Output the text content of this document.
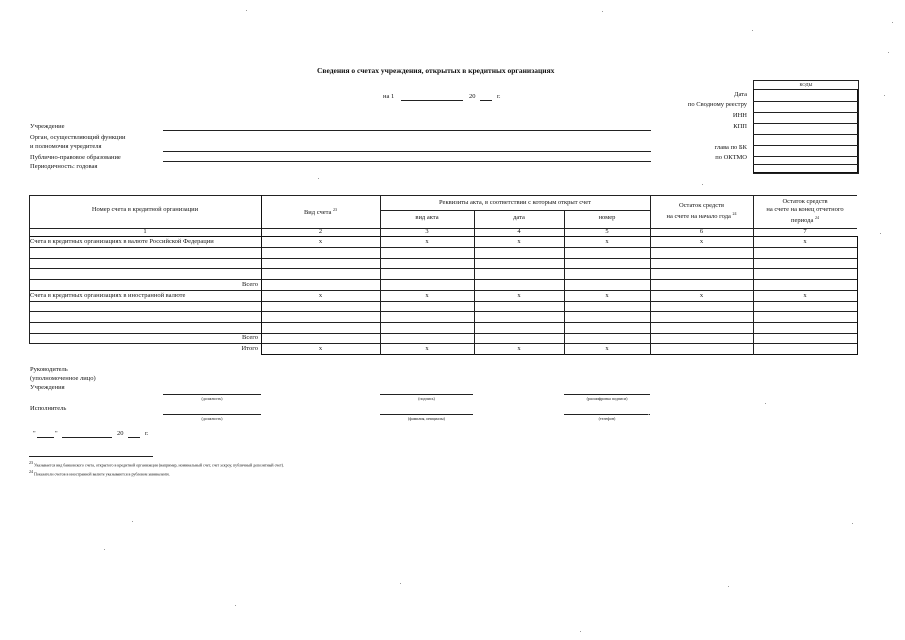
Сведения о счетах учреждения, открытых в кредитных организациях
на 1	20	г.
КОДЫ
Дата
по Сводному реестру
ИНН
КПП
глава по БК
по ОКТМО
Учреждение
Орган, осуществляющий функции
и полномочия учредителя
Публично-правовое образование
Периодичность: годовая
Номер счета в кредитной организации	Вид счета $^{23}$
Реквизиты акта, в соответствии с которым открыт счет
вид акта	дата	номер
Остаток средств
на счете на начало года $^{24}$
Остаток средств
на счете на конец отчетного
периода $^{24}$
1	2	3	4	5	6	7
Счета в кредитных организациях в валюте Российской Федерации	x	x	x	x	x	x
Всего
Счета в кредитных организациях в иностранной валюте	x	x	x	x	x	x
Всего
Итого	x	x	x	x
Руководитель
(уполномоченное лицо)
Учреждения
(должность)	(подпись)	(расшифровка подписи)
Исполнитель
(должность)	(фамилия, инициалы)	(телефон)
"	"	20	г.
$^{23}$ Указывается вид банковского счета, открытого в кредитной организации (например, номинальный счет, счет эскроу, публичный депозитный счет).
$^{24}$ Показатели счетов в иностранной валюте указываются в рублевом эквиваленте.
